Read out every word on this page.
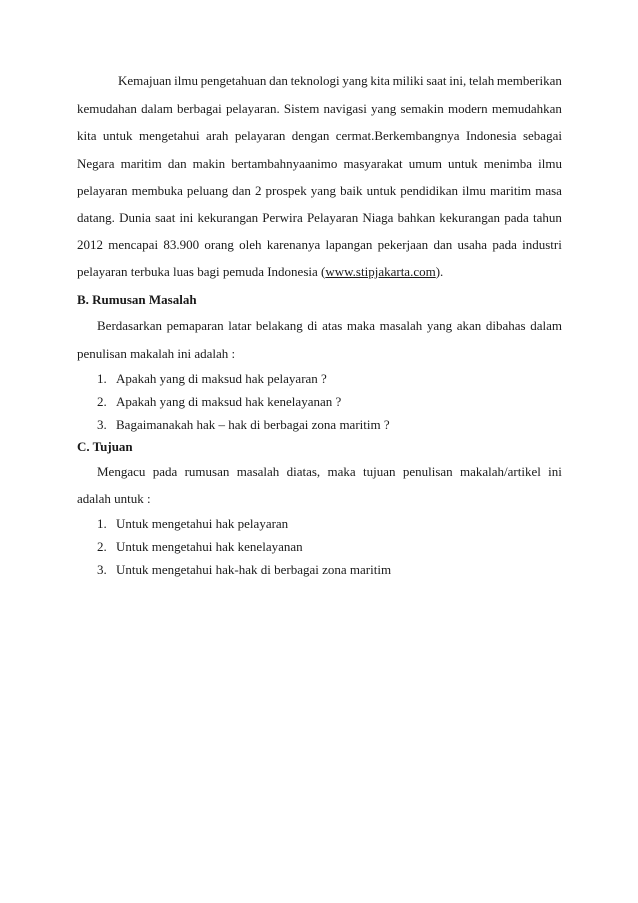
Kemajuan ilmu pengetahuan dan teknologi yang kita miliki saat ini, telah memberikan
kemudahan dalam berbagai pelayaran. Sistem navigasi yang semakin modern memudahkan
kita untuk mengetahui arah pelayaran dengan cermat.Berkembangnya Indonesia sebagai
Negara maritim dan makin bertambahnyaanimo masyarakat umum untuk menimba ilmu
pelayaran membuka peluang dan 2 prospek yang baik untuk pendidikan ilmu maritim masa
datang. Dunia saat ini kekurangan Perwira Pelayaran Niaga bahkan kekurangan pada tahun
2012 mencapai 83.900 orang oleh karenanya lapangan pekerjaan dan usaha pada industri
pelayaran terbuka luas bagi pemuda Indonesia (www.stipjakarta.com).
B. Rumusan Masalah
Berdasarkan pemaparan latar belakang di atas maka masalah yang akan dibahas dalam
penulisan makalah ini adalah :
1. Apakah yang di maksud hak pelayaran ?
2. Apakah yang di maksud hak kenelayanan ?
3. Bagaimanakah hak – hak di berbagai zona maritim ?
C. Tujuan
Mengacu pada rumusan masalah diatas, maka tujuan penulisan makalah/artikel ini
adalah untuk :
1. Untuk mengetahui hak pelayaran
2. Untuk mengetahui hak kenelayanan
3. Untuk mengetahui hak-hak di berbagai zona maritim
